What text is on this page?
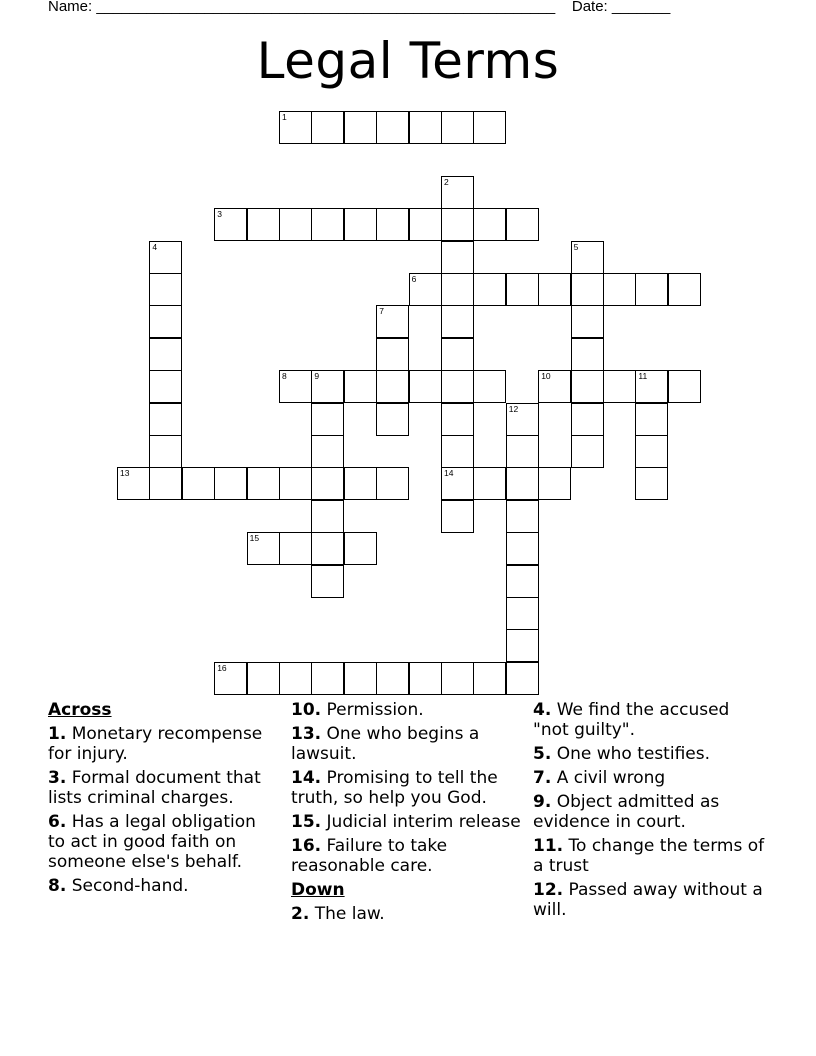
Name: _______________________________________________________ Date: _______
Legal Terms
1
2
14
3
4	5
6
7
8	9	10	11
12
13
15
16
Across
1. Monetary recompense for injury.
3. Formal document that lists criminal charges.
6. Has a legal obligation to act in good faith on someone else's behalf.
8. Second-hand.
10. Permission.
13. One who begins a lawsuit.
14. Promising to tell the truth, so help you God.
15. Judicial interim release
16. Failure to take reasonable care.
Down
2. The law.
4. We find the accused "not guilty".
5. One who testifies.
7. A civil wrong
9. Object admitted as evidence in court.
11. To change the terms of a trust
12. Passed away without a will.
